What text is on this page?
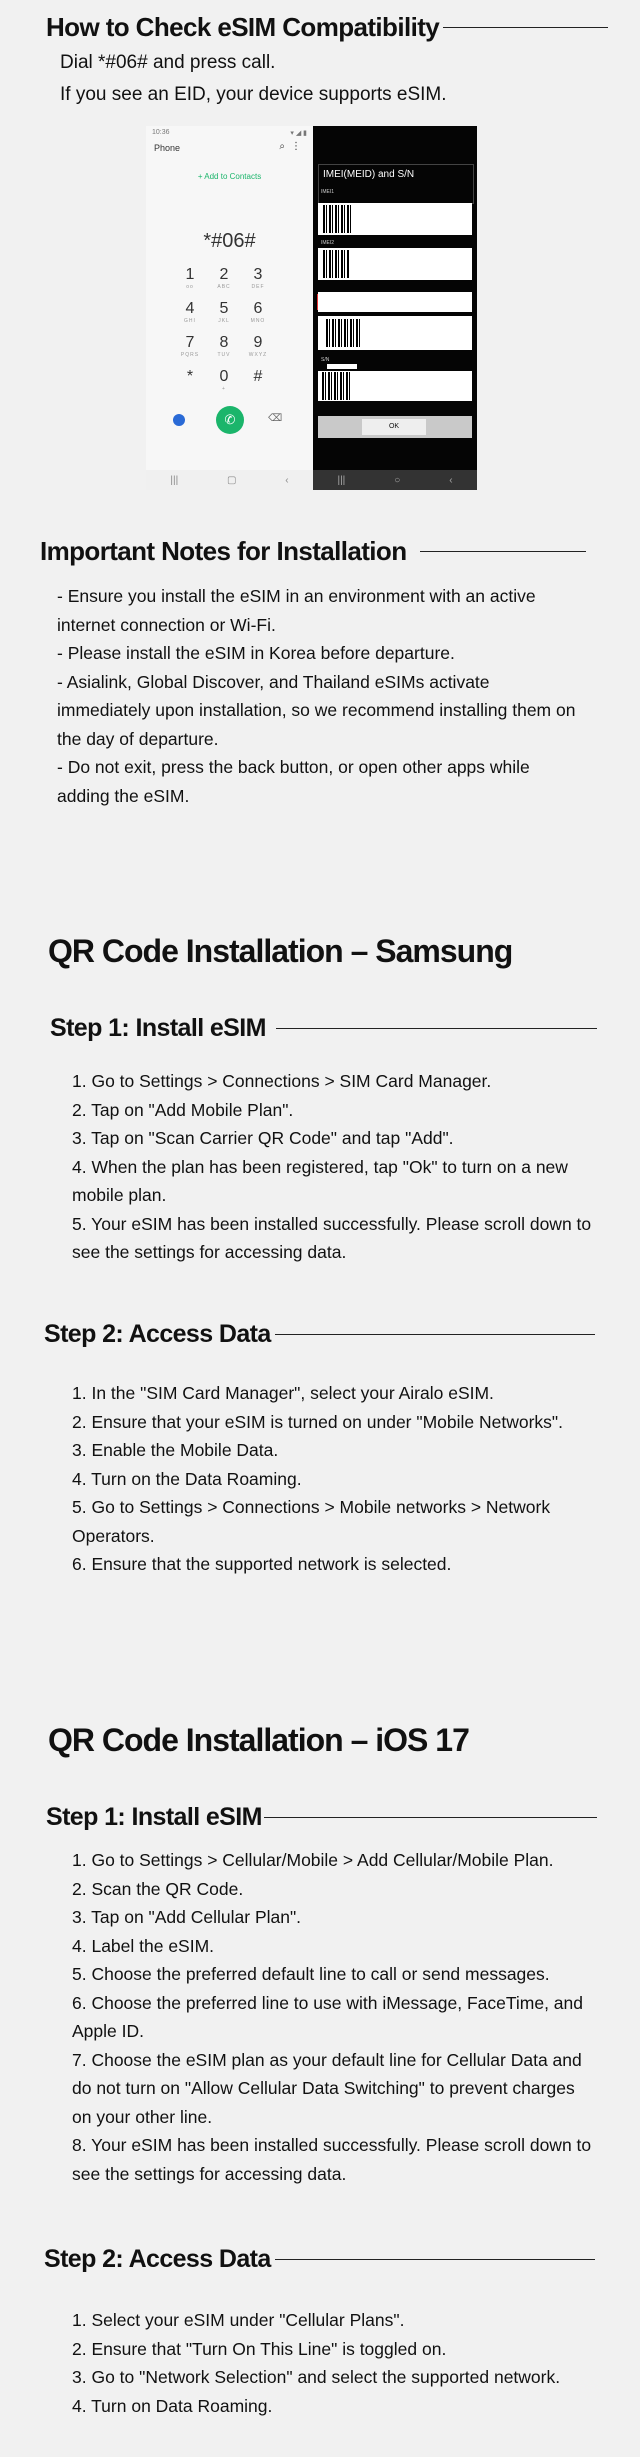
How to Check eSIM Compatibility
Dial *#06# and press call.
If you see an EID, your device supports eSIM.
10:36	▾ ◢ ▮
Phone	⌕ ⋮
+ Add to Contacts
*#06#
1
oo
2
ABC
3
DEF
4
GHI
5
JKL
6
MNO
7
PQRS
8
TUV
9
WXYZ
*	0
+
#
✆	⌫
|||	▢	‹
IMEI(MEID) and S/N
IMEI1
IMEI2
S/N
OK
|||	○	‹
Important Notes for Installation
- Ensure you install the eSIM in an environment with an active
internet connection or Wi-Fi.
- Please install the eSIM in Korea before departure.
- Asialink, Global Discover, and Thailand eSIMs activate
immediately upon installation, so we recommend installing them on
the day of departure.
- Do not exit, press the back button, or open other apps while
adding the eSIM.
QR Code Installation – Samsung
Step 1: Install eSIM
1. Go to Settings > Connections > SIM Card Manager.
2. Tap on "Add Mobile Plan".
3. Tap on "Scan Carrier QR Code" and tap "Add".
4. When the plan has been registered, tap "Ok" to turn on a new
mobile plan.
5. Your eSIM has been installed successfully. Please scroll down to
see the settings for accessing data.
Step 2: Access Data
1. In the "SIM Card Manager", select your Airalo eSIM.
2. Ensure that your eSIM is turned on under "Mobile Networks".
3. Enable the Mobile Data.
4. Turn on the Data Roaming.
5. Go to Settings > Connections > Mobile networks > Network
Operators.
6. Ensure that the supported network is selected.
QR Code Installation – iOS 17
Step 1: Install eSIM
1. Go to Settings > Cellular/Mobile > Add Cellular/Mobile Plan.
2. Scan the QR Code.
3. Tap on "Add Cellular Plan".
4. Label the eSIM.
5. Choose the preferred default line to call or send messages.
6. Choose the preferred line to use with iMessage, FaceTime, and
Apple ID.
7. Choose the eSIM plan as your default line for Cellular Data and
do not turn on "Allow Cellular Data Switching" to prevent charges
on your other line.
8. Your eSIM has been installed successfully. Please scroll down to
see the settings for accessing data.
Step 2: Access Data
1. Select your eSIM under "Cellular Plans".
2. Ensure that "Turn On This Line" is toggled on.
3. Go to "Network Selection" and select the supported network.
4. Turn on Data Roaming.
